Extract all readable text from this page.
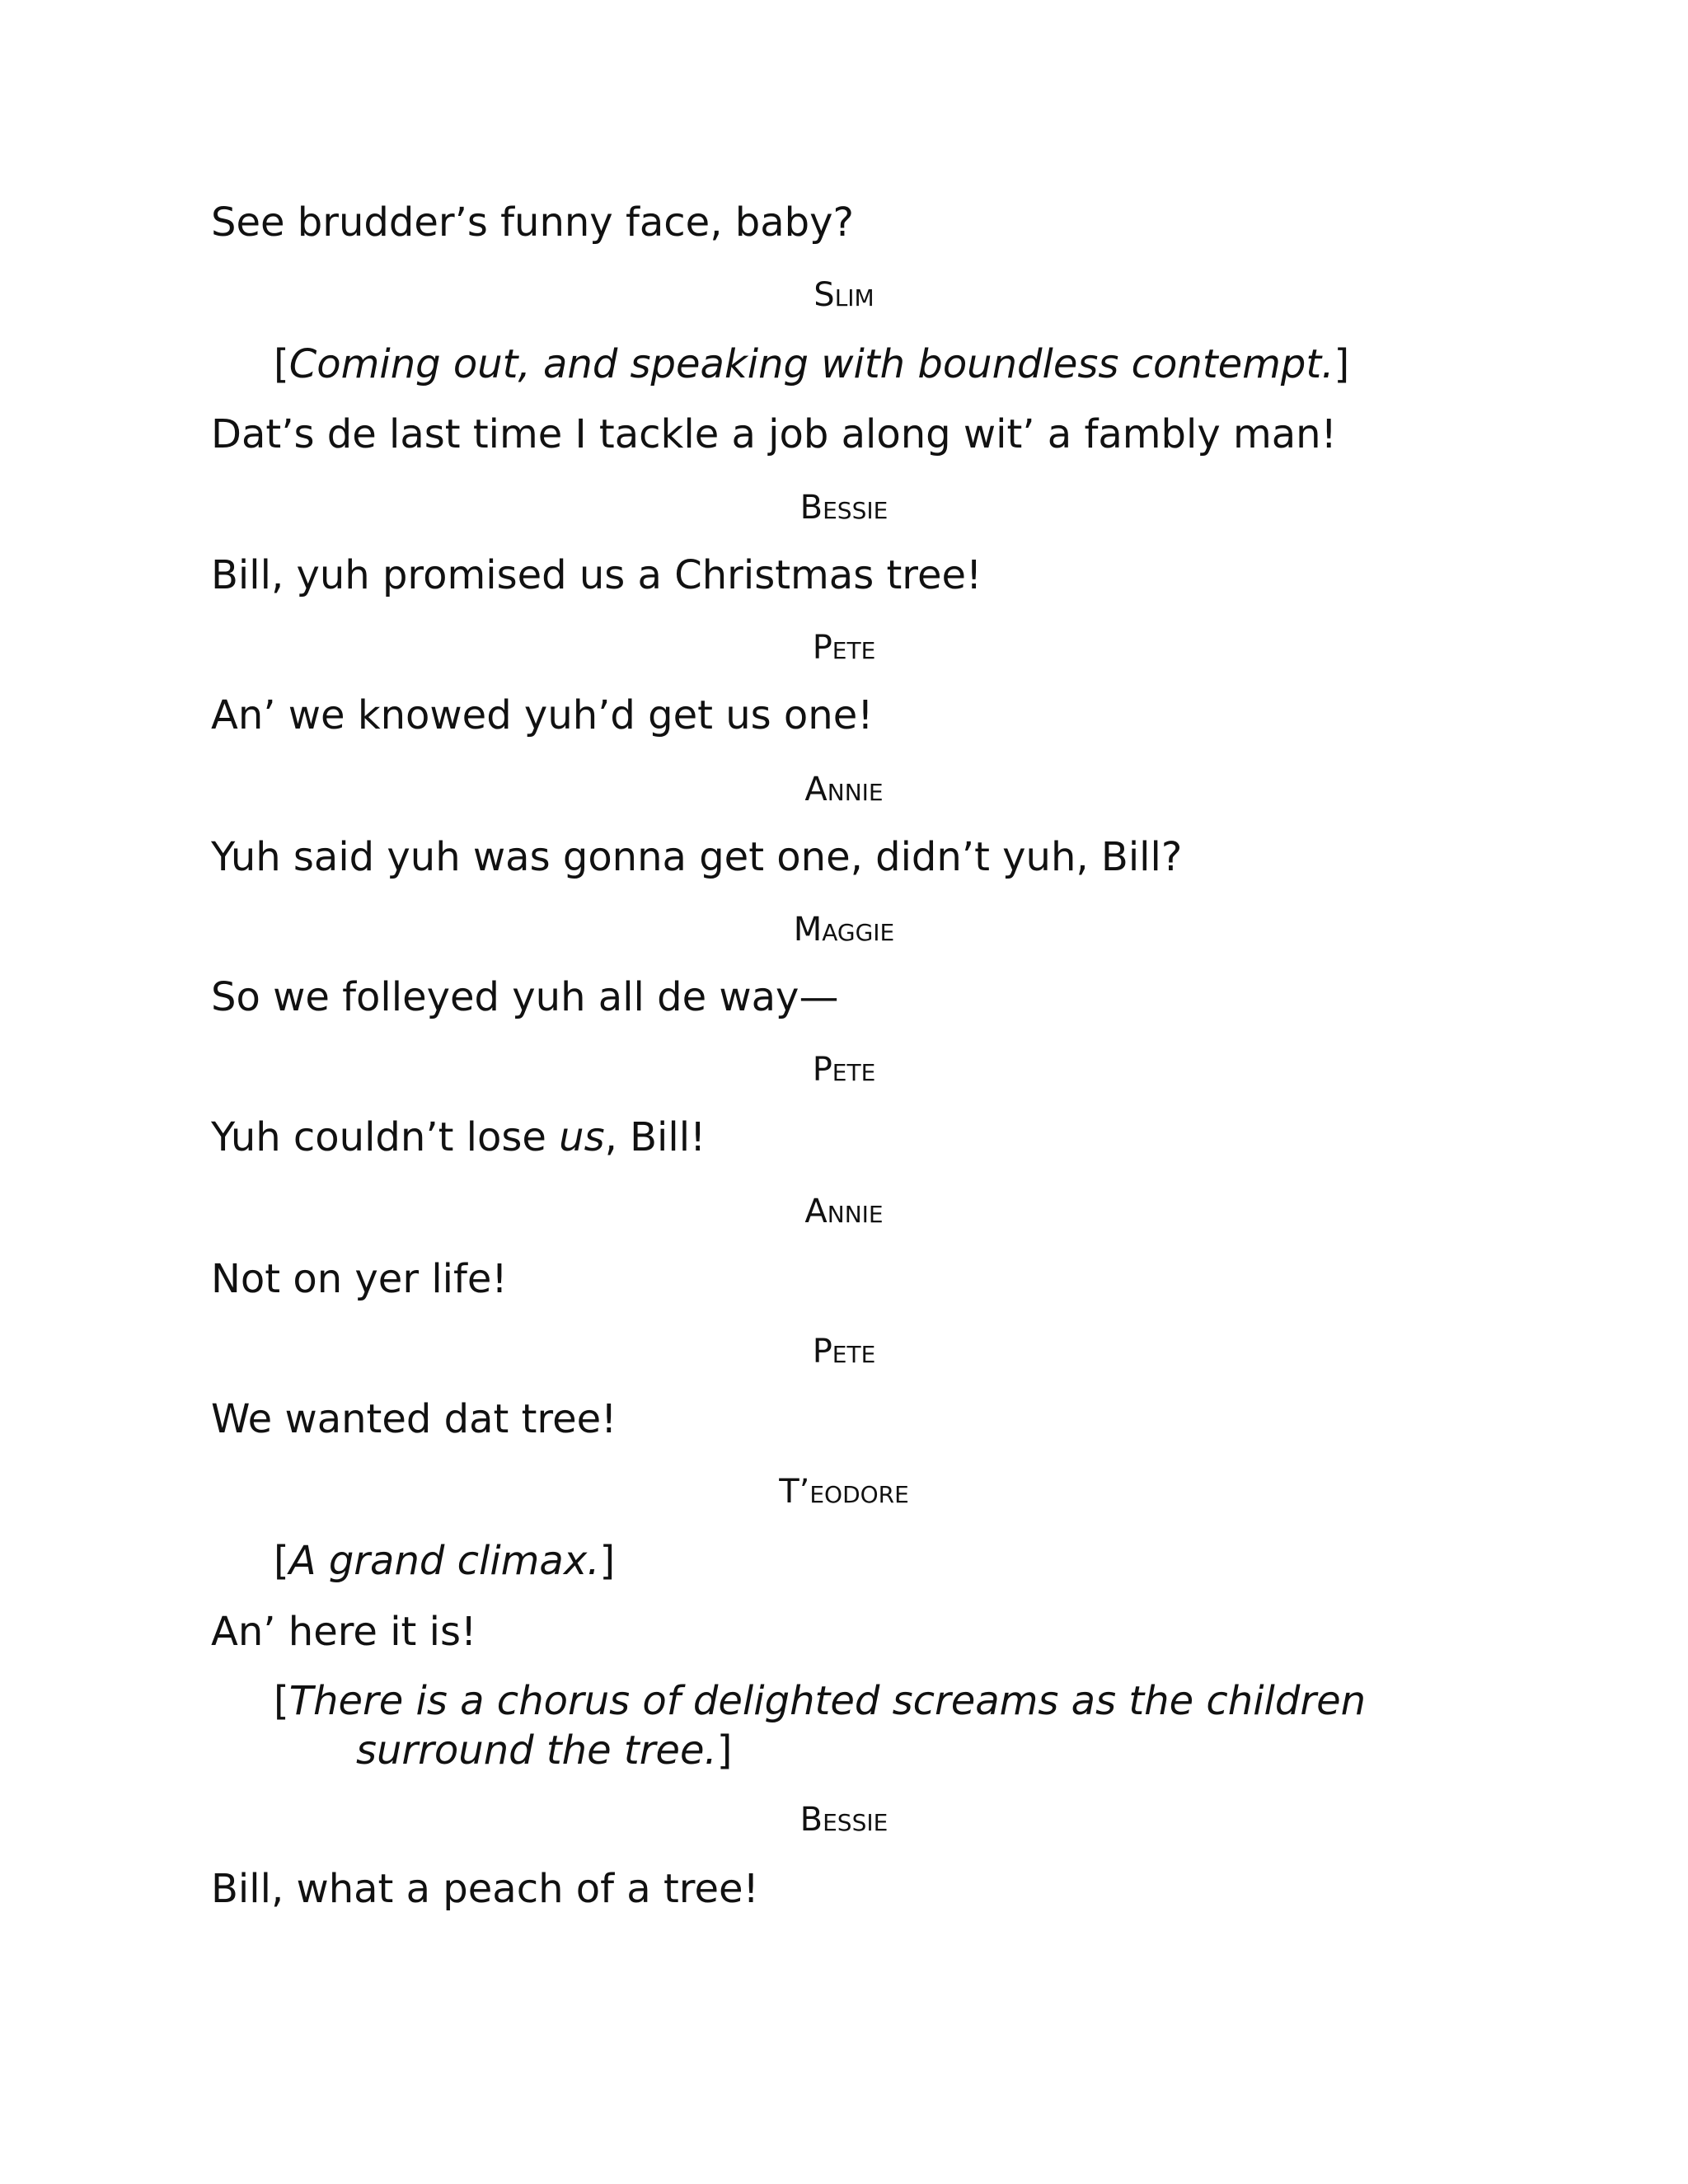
See brudder’s funny face, baby?
Slim
[Coming out, and speaking with boundless contempt.]
Dat’s de last time I tackle a job along wit’ a fambly man!
Bessie
Bill, yuh promised us a Christmas tree!
Pete
An’ we knowed yuh’d get us one!
Annie
Yuh said yuh was gonna get one, didn’t yuh, Bill?
Maggie
So we folleyed yuh all de way—
Pete
Yuh couldn’t lose us, Bill!
Annie
Not on yer life!
Pete
We wanted dat tree!
T’eodore
[A grand climax.]
An’ here it is!
[There is a chorus of delighted screams as the children
surround the tree.]
Bessie
Bill, what a peach of a tree!
